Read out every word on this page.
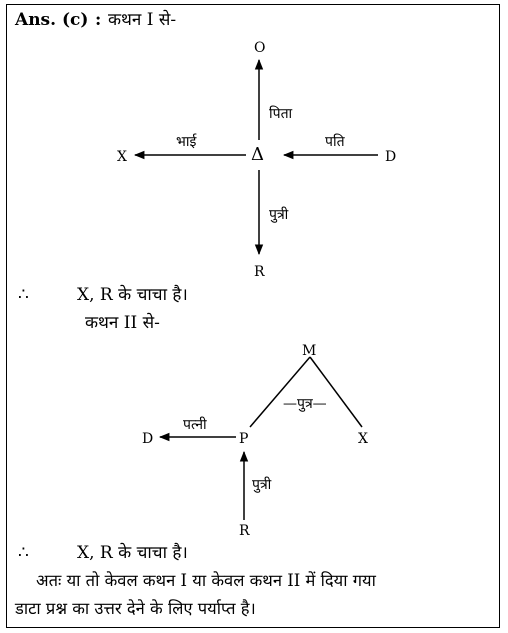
Ans. (c) : कथन I से-
O
X	D
R
Δ
पिता
भाई	पति
पुत्री
∴	X, R के चाचा है।
कथन II से-
M
P	X
D
R
—पुत्र—
पत्नी
पुत्री
∴	X, R के चाचा है।
अतः या तो केवल कथन I या केवल कथन II में दिया गया
डाटा प्रश्न का उत्तर देने के लिए पर्याप्त है।
